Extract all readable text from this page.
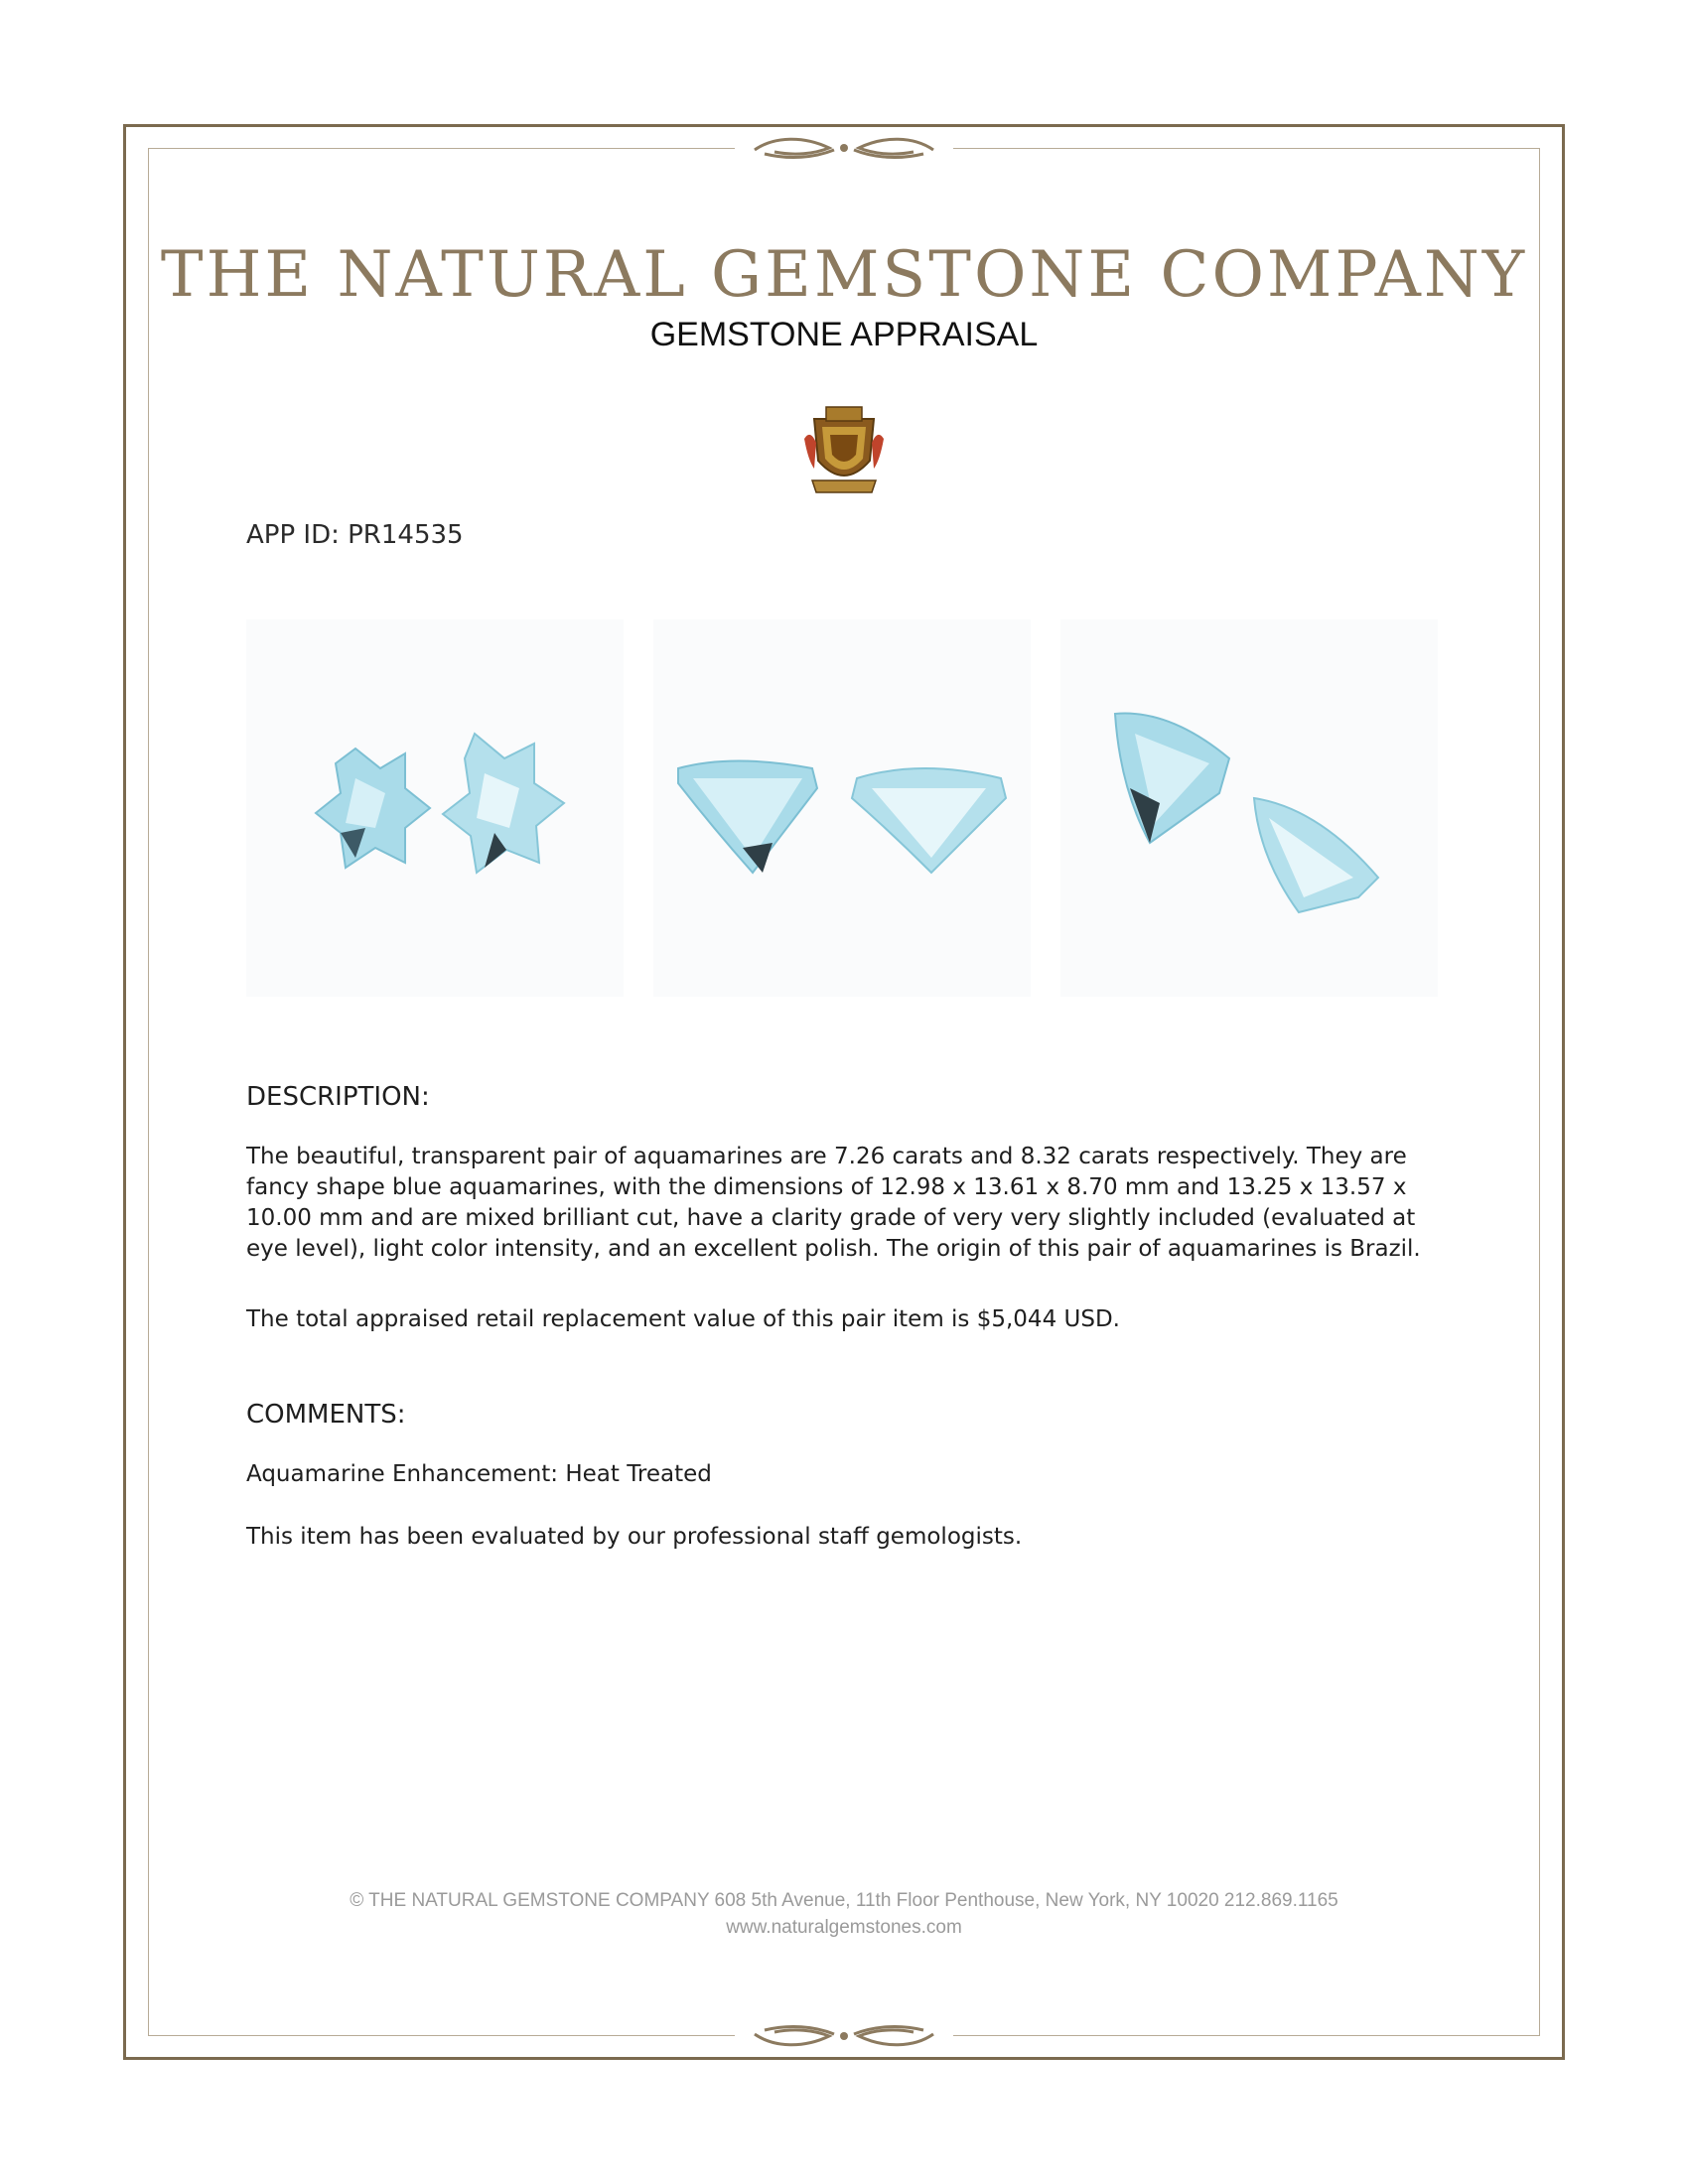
THE NATURAL GEMSTONE COMPANY
GEMSTONE APPRAISAL
APP ID: PR14535
DESCRIPTION:
The beautiful, transparent pair of aquamarines are 7.26 carats and 8.32 carats respectively. They are fancy shape blue aquamarines, with the dimensions of 12.98 x 13.61 x 8.70 mm and 13.25 x 13.57 x 10.00 mm and are mixed brilliant cut, have a clarity grade of very very slightly included (evaluated at eye level), light color intensity, and an excellent polish. The origin of this pair of aquamarines is Brazil.
The total appraised retail replacement value of this pair item is $5,044 USD.
COMMENTS:
Aquamarine Enhancement: Heat Treated
This item has been evaluated by our professional staff gemologists.
© THE NATURAL GEMSTONE COMPANY 608 5th Avenue, 11th Floor Penthouse, New York, NY 10020 212.869.1165
www.naturalgemstones.com
